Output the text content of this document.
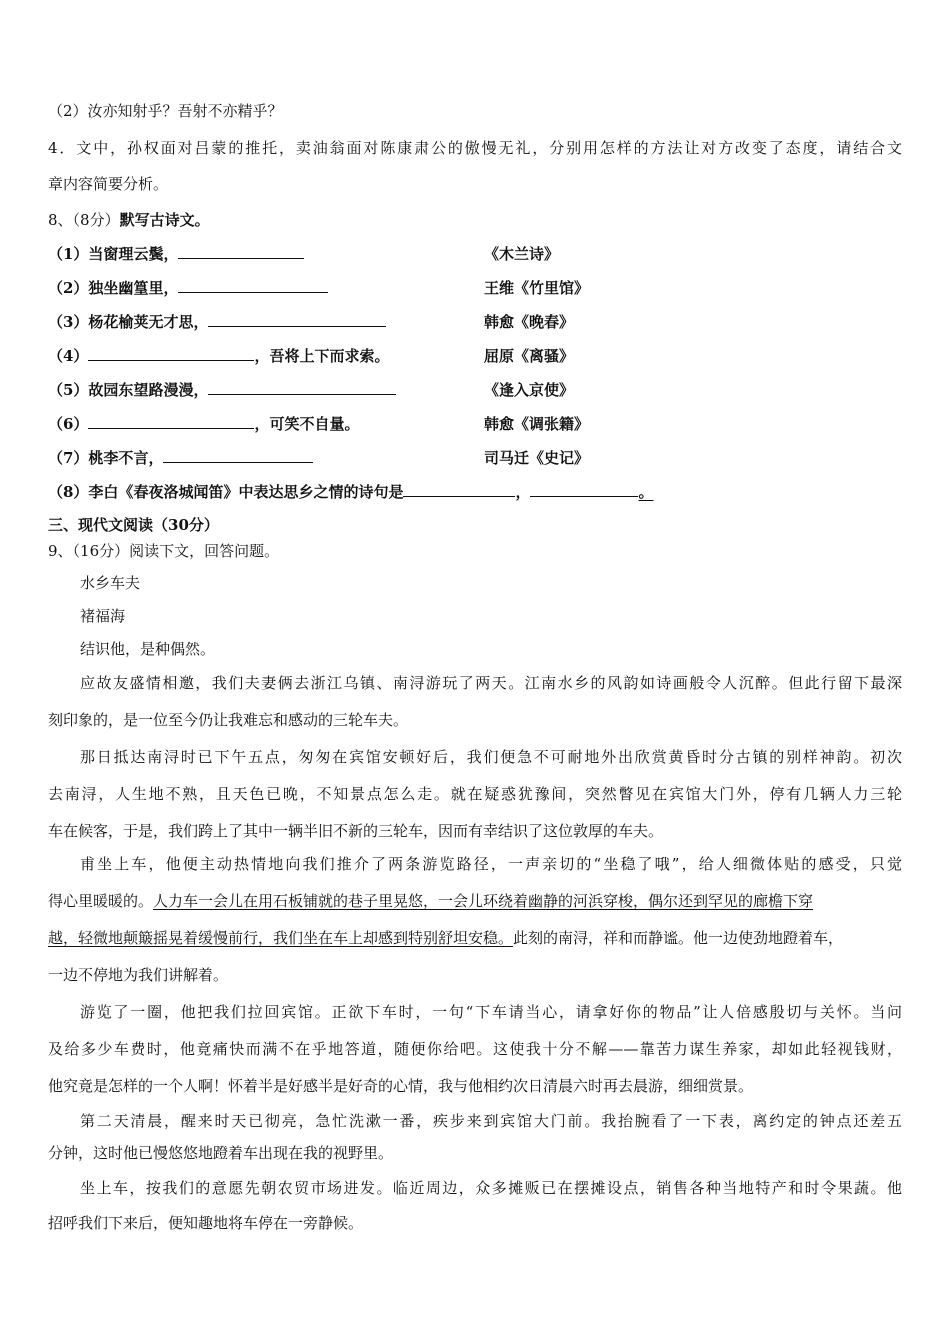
（2）汝亦知射乎？吾射不亦精乎？
4．文中，孙权面对吕蒙的推托，卖油翁面对陈康肃公的傲慢无礼，分别用怎样的方法让对方改变了态度，请结合文
章内容简要分析。
8、（8分）默写古诗文。
（1）当窗理云鬓，	《木兰诗》
（2）独坐幽篁里，	王维《竹里馆》
（3）杨花榆荚无才思，	韩愈《晚春》
（4）	，吾将上下而求索。	屈原《离骚》
（5）故园东望路漫漫，	《逢入京使》
（6）	，可笑不自量。	韩愈《调张籍》
（7）桃李不言，	司马迁《史记》
（8）李白《春夜洛城闻笛》中表达思乡之情的诗句是	，	。
三、现代文阅读（30分）
9、（16分）阅读下文，回答问题。
水乡车夫
褚福海
结识他，是种偶然。
应故友盛情相邀，我们夫妻俩去浙江乌镇、南浔游玩了两天。江南水乡的风韵如诗画般令人沉醉。但此行留下最深
刻印象的，是一位至今仍让我难忘和感动的三轮车夫。
那日抵达南浔时已下午五点，匆匆在宾馆安顿好后，我们便急不可耐地外出欣赏黄昏时分古镇的别样神韵。初次
去南浔，人生地不熟，且天色已晚，不知景点怎么走。就在疑惑犹豫间，突然瞥见在宾馆大门外，停有几辆人力三轮
车在候客，于是，我们跨上了其中一辆半旧不新的三轮车，因而有幸结识了这位敦厚的车夫。
甫坐上车，他便主动热情地向我们推介了两条游览路径，一声亲切的“坐稳了哦”，给人细微体贴的感受，只觉
得心里暖暖的。人力车一会儿在用石板铺就的巷子里晃悠，一会儿环绕着幽静的河浜穿梭，偶尔还到罕见的廊檐下穿
越，轻微地颠簸摇晃着缓慢前行，我们坐在车上却感到特别舒坦安稳。此刻的南浔，祥和而静谧。他一边使劲地蹬着车，
一边不停地为我们讲解着。
游览了一圈，他把我们拉回宾馆。正欲下车时，一句“下车请当心，请拿好你的物品”让人倍感殷切与关怀。当问
及给多少车费时，他竟痛快而满不在乎地答道，随便你给吧。这使我十分不解——靠苦力谋生养家，却如此轻视钱财，
他究竟是怎样的一个人啊！怀着半是好感半是好奇的心情，我与他相约次日清晨六时再去晨游，细细赏景。
第二天清晨，醒来时天已彻亮，急忙洗漱一番，疾步来到宾馆大门前。我抬腕看了一下表，离约定的钟点还差五
分钟，这时他已慢悠悠地蹬着车出现在我的视野里。
坐上车，按我们的意愿先朝农贸市场进发。临近周边，众多摊贩已在摆摊设点，销售各种当地特产和时令果蔬。他
招呼我们下来后，便知趣地将车停在一旁静候。
